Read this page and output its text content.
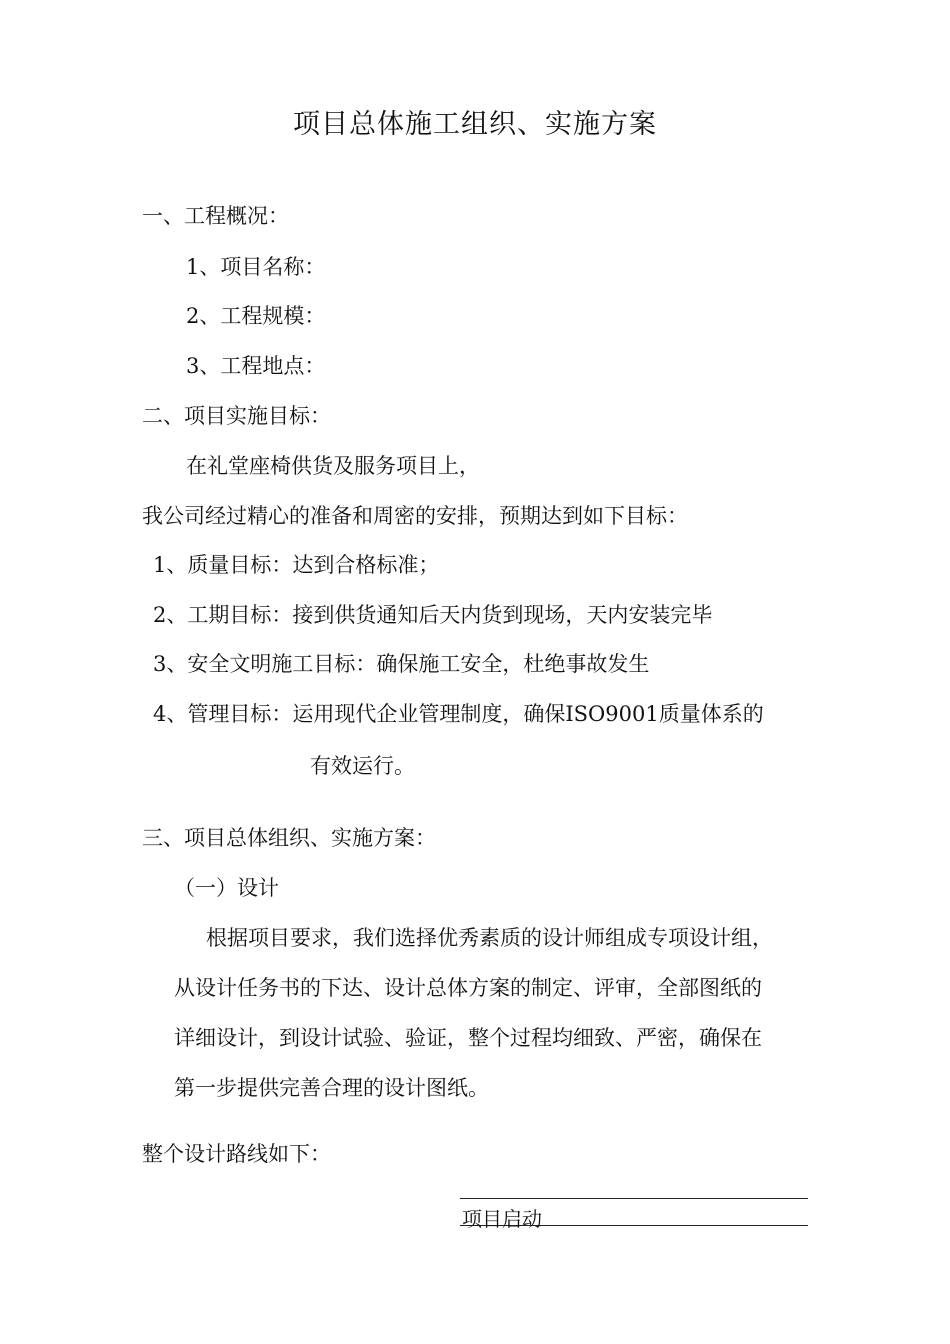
项目总体施工组织、实施方案
一、工程概况：
1、项目名称：
2、工程规模：
3、工程地点：
二、项目实施目标：
在礼堂座椅供货及服务项目上，
我公司经过精心的准备和周密的安排，预期达到如下目标：
1、质量目标：达到合格标准；
2、工期目标：接到供货通知后天内货到现场，天内安装完毕
3、安全文明施工目标：确保施工安全，杜绝事故发生
4、管理目标：运用现代企业管理制度，确保ISO9001质量体系的
有效运行。
三、项目总体组织、实施方案：
（一）设计
根据项目要求，我们选择优秀素质的设计师组成专项设计组，
从设计任务书的下达、设计总体方案的制定、评审，全部图纸的
详细设计，到设计试验、验证，整个过程均细致、严密，确保在
第一步提供完善合理的设计图纸。
整个设计路线如下：
项目启动
